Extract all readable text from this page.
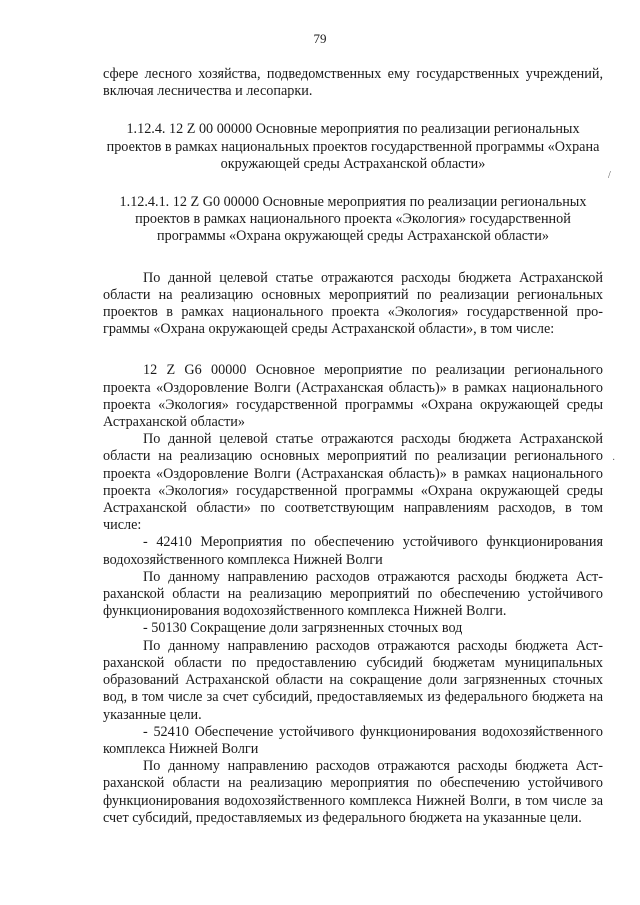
79

сфере лесного хозяйства, подведомственных ему государственных учреждений, включая лесничества и лесопарки.

1.12.4. 12 Z 00 00000 Основные мероприятия по реализации региональных проектов в рамках национальных проектов государственной программы «Охрана окружающей среды Астраханской области»

1.12.4.1. 12 Z G0 00000 Основные мероприятия по реализации региональных проектов в рамках национального проекта «Экология» государственной программы «Охрана окружающей среды Астраханской области»

По данной целевой статье отражаются расходы бюджета Астраханской области на реализацию основных мероприятий по реализации региональных проектов в рамках национального проекта «Экология» государственной программы «Охрана окружающей среды Астраханской области», в том числе:

12 Z G6 00000 Основное мероприятие по реализации регионального проекта «Оздоровление Волги (Астраханская область)» в рамках национального проекта «Экология» государственной программы «Охрана окружающей среды Астраханской области»

По данной целевой статье отражаются расходы бюджета Астраханской области на реализацию основных мероприятий по реализации регионального проекта «Оздоровление Волги (Астраханская область)» в рамках национального проекта «Экология» государственной программы «Охрана окружающей среды Астраханской области» по соответствующим направлениям расходов, в том числе:

- 42410 Мероприятия по обеспечению устойчивого функционирования водохозяйственного комплекса Нижней Волги

По данному направлению расходов отражаются расходы бюджета Астраханской области на реализацию мероприятий по обеспечению устойчивого функционирования водохозяйственного комплекса Нижней Волги.

- 50130 Сокращение доли загрязненных сточных вод

По данному направлению расходов отражаются расходы бюджета Астраханской области по предоставлению субсидий бюджетам муниципальных образований Астраханской области на сокращение доли загрязненных сточных вод, в том числе за счет субсидий, предоставляемых из федерального бюджета на указанные цели.

- 52410 Обеспечение устойчивого функционирования водохозяйственного комплекса Нижней Волги

По данному направлению расходов отражаются расходы бюджета Астраханской области на реализацию мероприятия по обеспечению устойчивого функционирования водохозяйственного комплекса Нижней Волги, в том числе за счет субсидий, предоставляемых из федерального бюджета на указанные цели.

/
·
